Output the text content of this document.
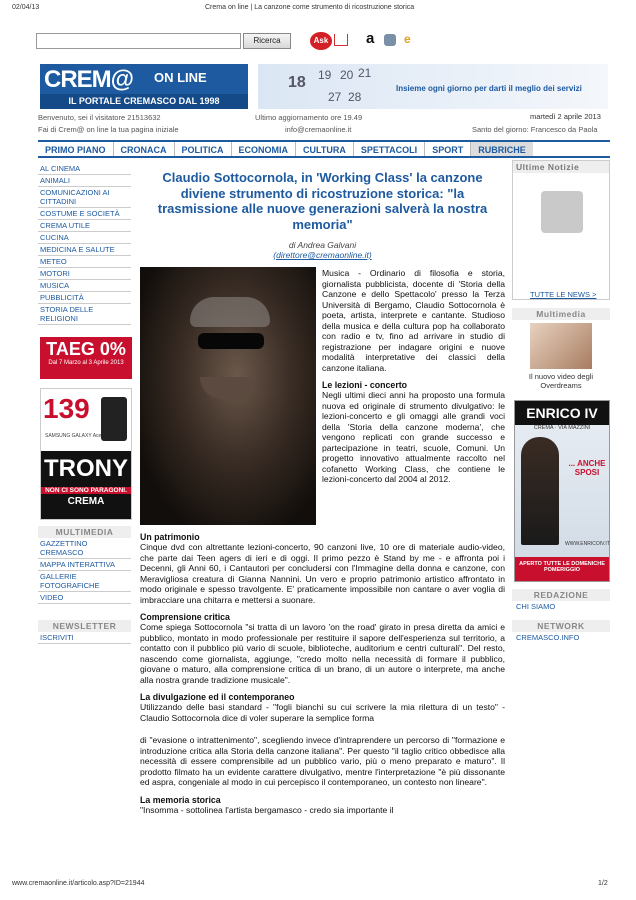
02/04/13	Crema on line | La canzone come strumento di ricostruzione storica
Ricerca	Ask	a e
CREM@ ON LINE
IL PORTALE CREMASCO DAL 1998
18 19 20 21
27 28
Insieme ogni giorno per darti il meglio dei servizi
martedì 2 aprile 2013
Benvenuto, sei il visitatore 21513632	Ultimo aggiornamento ore 19.49
Fai di Crem@ on line la tua pagina iniziale	info@cremaonline.it	Santo del giorno: Francesco da Paola
PRIMO PIANO	CRONACA	POLITICA	ECONOMIA	CULTURA	SPETTACOLI	SPORT	RUBRICHE
AL CINEMA
ANIMALI
COMUNICAZIONI AI CITTADINI
COSTUME E SOCIETÀ
CREMA UTILE
CUCINA
MEDICINA E SALUTE
METEO
MOTORI
MUSICA
PUBBLICITÀ
STORIA DELLE RELIGIONI
TAEG 0%
Dal 7 Marzo al 3 Aprile 2013
139
SAMSUNG GALAXY Ace
TRONY
NON CI SONO PARAGONI.
CREMA
MULTIMEDIA
GAZZETTINO CREMASCO
MAPPA INTERATTIVA
GALLERIE FOTOGRAFICHE
VIDEO
NEWSLETTER
ISCRIVITI
Claudio Sottocornola, in 'Working Class' la canzone diviene strumento di ricostruzione storica: "la trasmissione alle nuove generazioni salverà la nostra memoria"
di Andrea Galvani
(direttore@cremaonline.it)

Musica - Ordinario di filosofia e storia, giornalista pubblicista, docente di 'Storia della Canzone e dello Spettacolo' presso la Terza Università di Bergamo, Claudio Sottocornola è poeta, artista, interprete e cantante. Studioso della musica e della cultura pop ha collaborato con radio e tv, fino ad arrivare in studio di registrazione per indagare origini e nuove modalità interpretative dei classici della canzone italiana.

Le lezioni - concerto

Negli ultimi dieci anni ha proposto una formula nuova ed originale di strumento divulgativo: le lezioni-concerto e gli omaggi alle grandi voci della 'Storia della canzone moderna', che vengono replicati con grande successo e partecipazione in teatri, scuole, Comuni. Un progetto innovativo attualmente raccolto nel cofanetto Working Class, che contiene le lezioni-concerto dal 2004 al 2012.

Un patrimonio

Cinque dvd con altrettante lezioni-concerto, 90 canzoni live, 10 ore di materiale audio-video, che parte dai Teen agers di ieri e di oggi. Il primo pezzo è Stand by me - e affronta poi i Decenni, gli Anni 60, i Cantautori per concludersi con l'Immagine della donna e canzone, con Meravigliosa creatura di Gianna Nannini. Un vero e proprio patrimonio artistico affrontato in modo originale e spesso travolgente. E' praticamente impossibile non cantare o aver voglia di imbracciare una chitarra e mettersi a suonare.

Comprensione critica

Come spiega Sottocornola "si tratta di un lavoro 'on the road' girato in presa diretta da amici e pubblico, montato in modo professionale per restituire il sapore dell'esperienza sul territorio, a contatto con il pubblico più vario di scuole, biblioteche, auditorium e centri culturali". Del resto, nascendo come giornalista, aggiunge, "credo molto nella necessità di formare il pubblico, giovane o maturo, alla comprensione critica di un brano, di un autore o interprete, ma anche alla nostra grande tradizione musicale".

La divulgazione ed il contemporaneo

Utilizzando delle basi standard - "fogli bianchi su cui scrivere la mia rilettura di un testo" - Claudio Sottocornola dice di voler superare la semplice forma

di "evasione o intrattenimento", scegliendo invece d'intraprendere un percorso di "formazione e introduzione critica alla Storia della canzone italiana". Per questo "il taglio critico obbedisce alla necessità di essere comprensibile ad un pubblico vario, più o meno preparato e maturo". Il prodotto filmato ha un evidente carattere divulgativo, mentre l'interpretazione "è più dissonante ed aspra, congeniale al modo in cui percepisco il contemporaneo, un contesto non lineare".

La memoria storica

"Insomma - sottolinea l'artista bergamasco - credo sia importante il

Ultime Notizie
TUTTE LE NEWS >
Multimedia
Il nuovo video degli Overdreams
ENRICO IV
CREMA · VIA MAZZINI
... ANCHE SPOSI
WWW.ENRICOIV.IT
APERTO TUTTE LE DOMENICHE POMERIGGIO
REDAZIONE
CHI SIAMO
NETWORK
CREMASCO.INFO
www.cremaonline.it/articolo.asp?ID=21944	1/2
